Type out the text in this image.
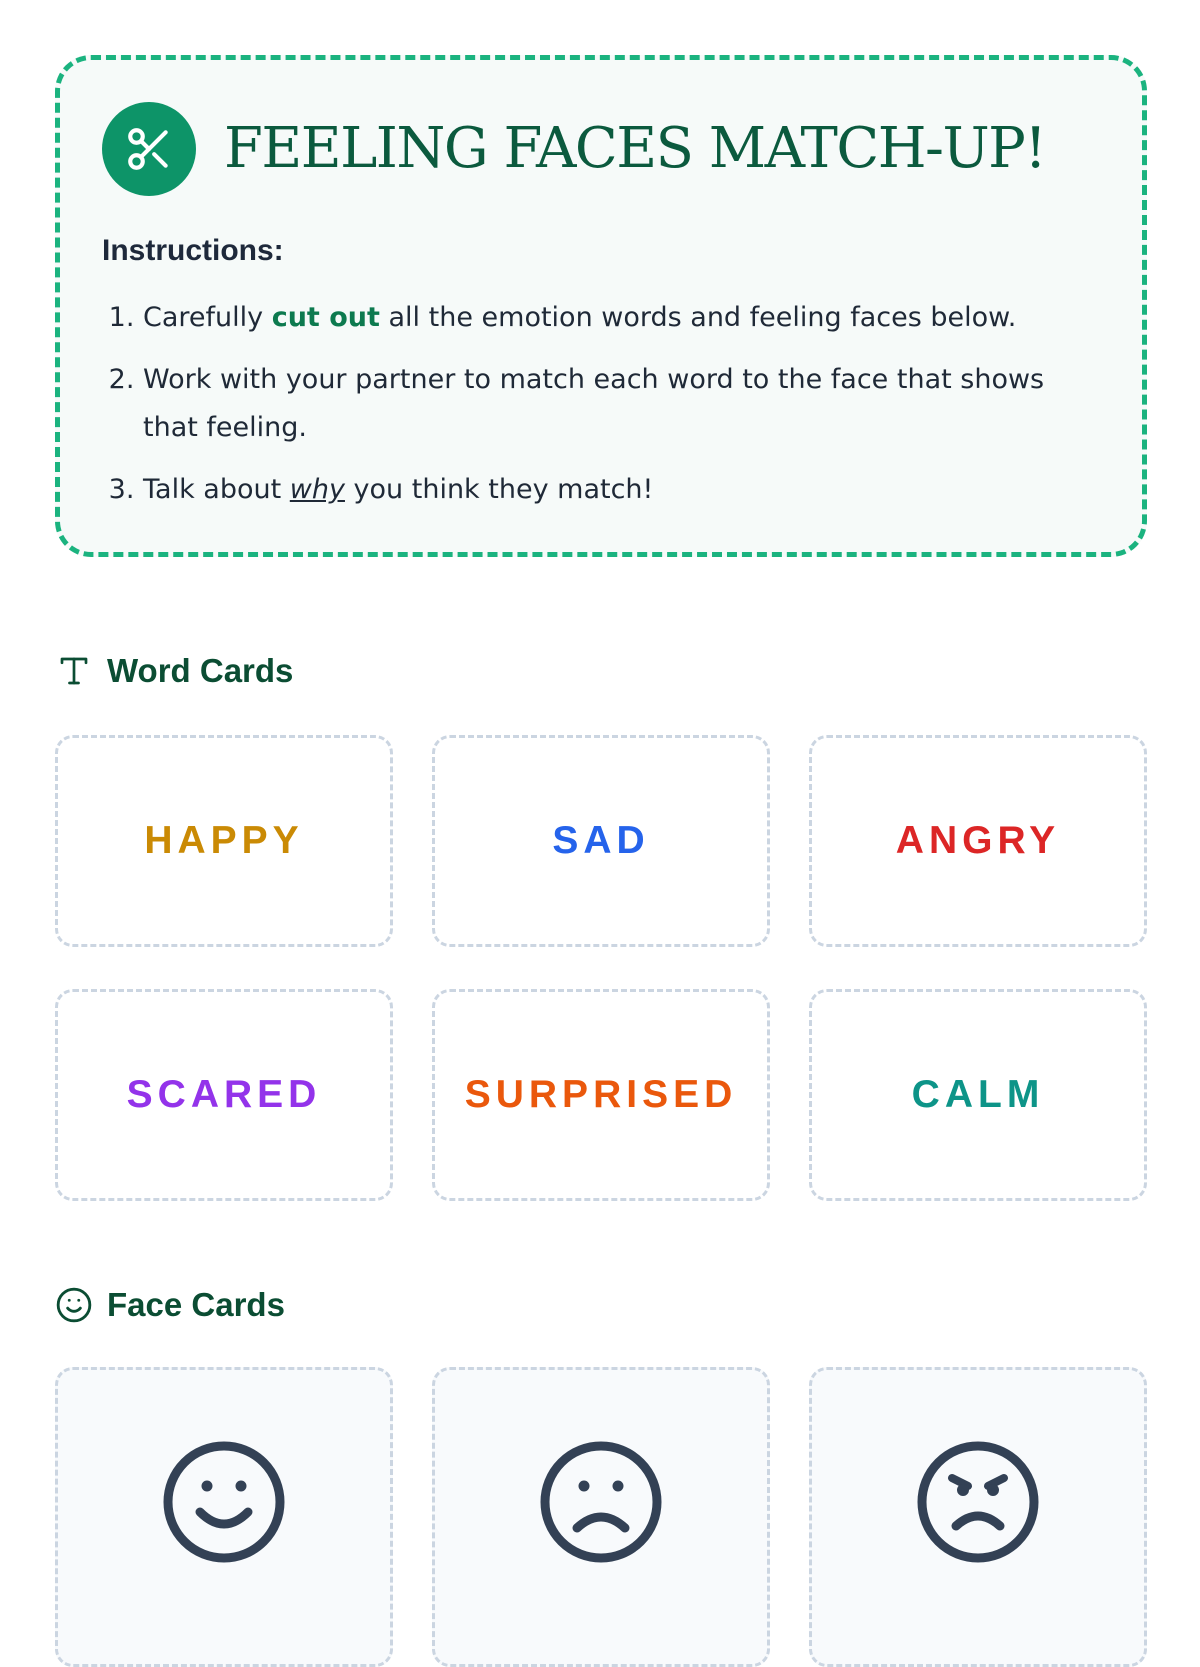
FEELING FACES MATCH-UP!
Instructions:
1. Carefully cut out all the emotion words and feeling faces below.
2. Work with your partner to match each word to the face that shows that feeling.
3. Talk about why you think they match!
Word Cards
HAPPY	SAD	ANGRY
SCARED	SURPRISED	CALM
Face Cards
